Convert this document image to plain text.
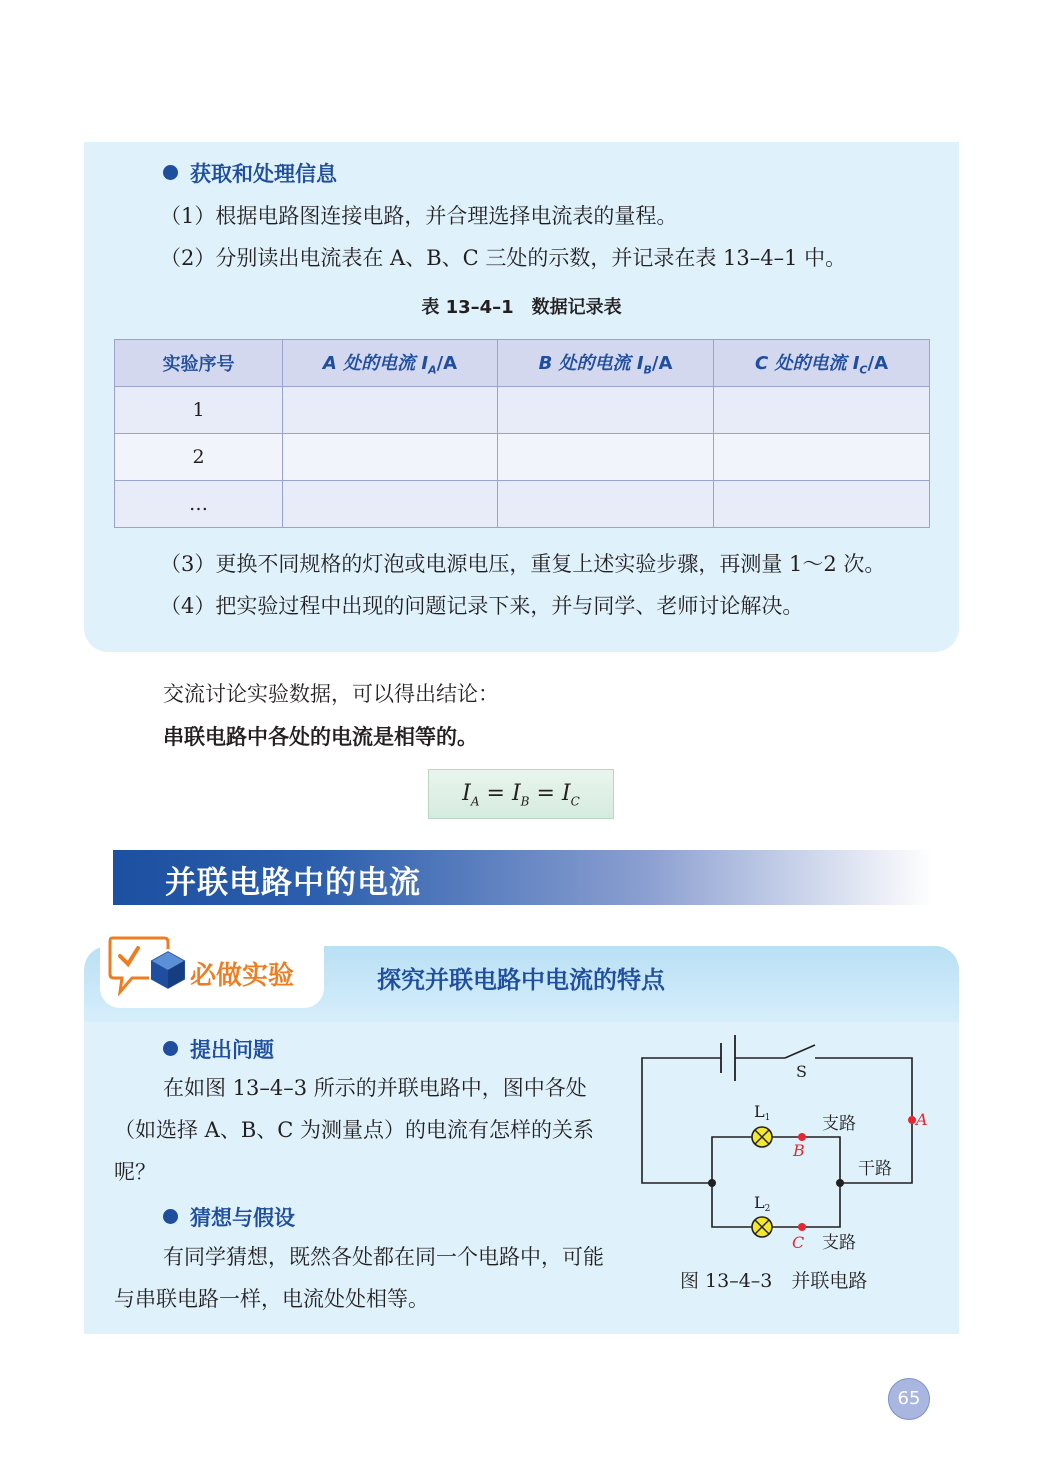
获取和处理信息
（1）根据电路图连接电路，并合理选择电流表的量程。
（2）分别读出电流表在 A、B、C 三处的示数，并记录在表 13–4–1 中。
表 13–4–1　数据记录表
实验序号	A 处的电流 $I_A/A$	B 处的电流 $I_B/A$	C 处的电流 $I_C/A$
1			
2			
…			
（3）更换不同规格的灯泡或电源电压，重复上述实验步骤，再测量 1～2 次。
（4）把实验过程中出现的问题记录下来，并与同学、老师讨论解决。
交流讨论实验数据，可以得出结论：
串联电路中各处的电流是相等的。
$I_A = I_B = I_C$
并联电路中的电流
必做实验	探究并联电路中电流的特点
提出问题
在如图 13–4–3 所示的并联电路中，图中各处（如选择 A、B、C 为测量点）的电流有怎样的关系呢？
猜想与假设
有同学猜想，既然各处都在同一个电路中，可能与串联电路一样，电流处处相等。
S
L1
L2
支路
干路
支路
A
B
C
图 13–4–3　并联电路
65
